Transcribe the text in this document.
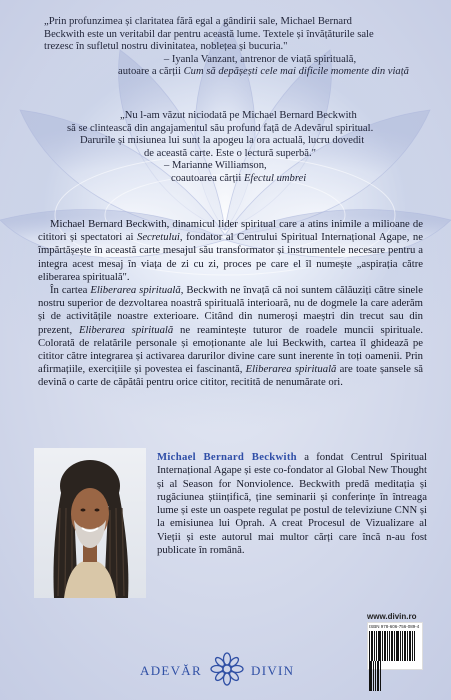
„Prin profunzimea și claritatea fără egal a gândirii sale, Michael Bernard

Beckwith este un veritabil dar pentru această lume. Textele și învățăturile sale

trezesc în sufletul nostru divinitatea, noblețea și bucuria."

– Iyanla Vanzant, antrenor de viață spirituală,

autoare a cărții Cum să depășești cele mai dificile momente din viață

„Nu l-am văzut niciodată pe Michael Bernard Beckwith

să se clintească din angajamentul său profund față de Adevărul spiritual.

Darurile și misiunea lui sunt la apogeu la ora actuală, lucru dovedit

de această carte. Este o lectură superbă."

– Marianne Williamson,

coautoarea cărții Efectul umbrei

Michael Bernard Beckwith, dinamicul lider spiritual care a atins inimile a milioane de cititori și spectatori ai Secretului, fondator al Centrului Spiritual Internațional Agape, ne împărtășește în această carte mesajul său transformator și instrumentele necesare pentru a integra acest mesaj în viața de zi cu zi, proces pe care el îl numește „aspirația către eliberarea spirituală".

În cartea Eliberarea spirituală, Beckwith ne învață că noi suntem călăuziți către sinele nostru superior de dezvoltarea noastră spirituală interioară, nu de dogmele la care aderăm și de activitățile noastre exterioare. Citând din numeroși maeștri din trecut sau din prezent, Eliberarea spirituală ne reamintește tuturor de roadele muncii spirituale. Colorată de relatările personale și emoționante ale lui Beckwith, cartea îl ghidează pe cititor către integrarea și activarea darurilor divine care sunt inerente în toți oamenii. Prin afirmațiile, exercițiile și povestea ei fascinantă, Eliberarea spirituală are toate șansele să devină o carte de căpătâi pentru orice cititor, recitită de nenumărate ori.

Michael Bernard Beckwith a fondat Centrul Spiritual Internațional Agape și este co-fondator al Global New Thought și al Season for Nonviolence. Beckwith predă meditația și rugăciunea științifică, ține seminarii și conferințe în întreaga lume și este un oaspete regulat pe postul de televiziune CNN și la emisiunea lui Oprah. A creat Procesul de Vizualizare al Vieții și este autorul mai multor cărți care încă n-au fost publicate în română.
www.divin.ro
ISBN 978-606-756-089-4
ADEVĂR	DIVIN
